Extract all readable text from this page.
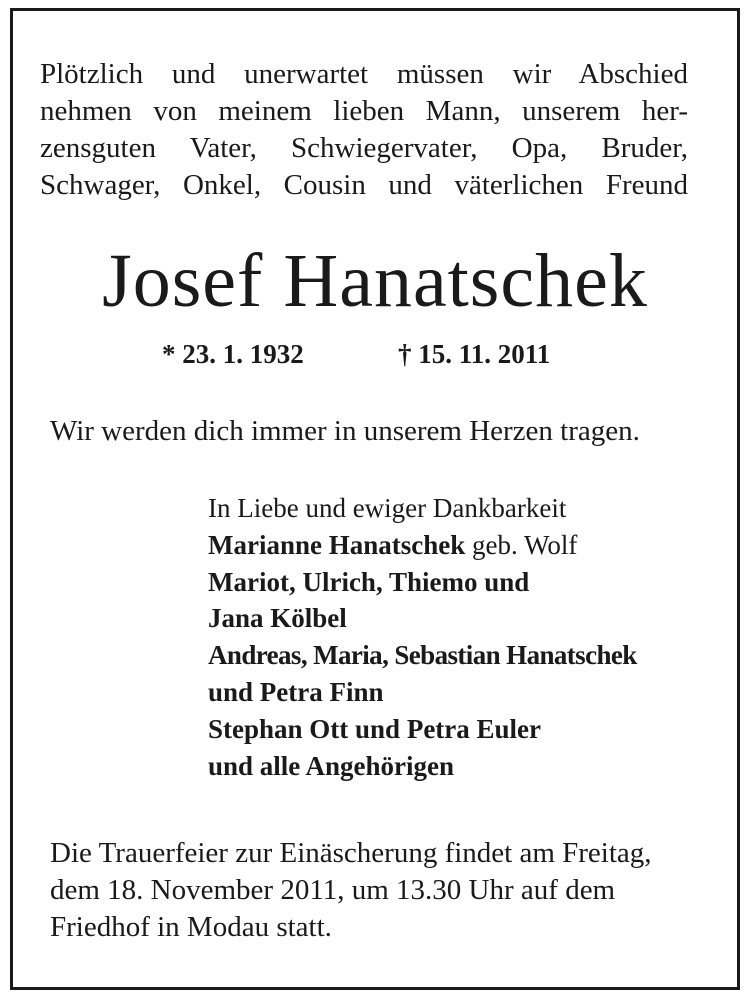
Plötzlich und unerwartet müssen wir Abschied
nehmen von meinem lieben Mann, unserem her-
zensguten Vater, Schwiegervater, Opa, Bruder,
Schwager, Onkel, Cousin und väterlichen Freund
Josef Hanatschek
* 23. 1. 1932	† 15. 11. 2011
Wir werden dich immer in unserem Herzen tragen.
In Liebe und ewiger Dankbarkeit
Marianne Hanatschek geb. Wolf
Mariot, Ulrich, Thiemo und
Jana Kölbel
Andreas, Maria, Sebastian Hanatschek
und Petra Finn
Stephan Ott und Petra Euler
und alle Angehörigen
Die Trauerfeier zur Einäscherung findet am Freitag,
dem 18. November 2011, um 13.30 Uhr auf dem
Friedhof in Modau statt.
